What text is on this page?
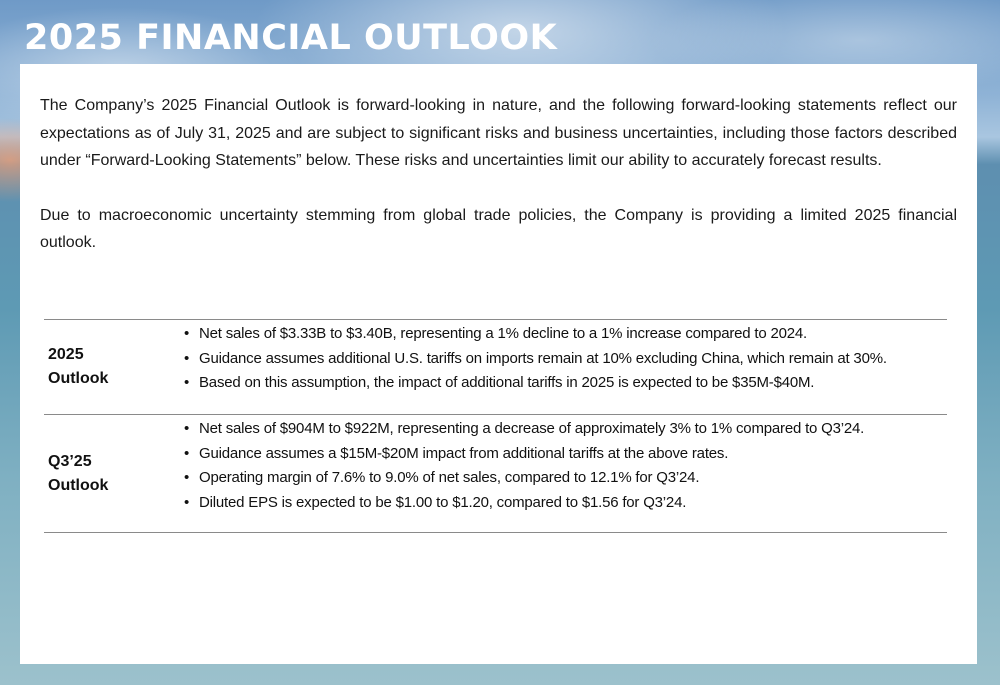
2025 FINANCIAL OUTLOOK

The Company’s 2025 Financial Outlook is forward-looking in nature, and the following forward-looking statements reflect our expectations as of July 31, 2025 and are subject to significant risks and business uncertainties, including those factors described under “Forward-Looking Statements” below. These risks and uncertainties limit our ability to accurately forecast results.

Due to macroeconomic uncertainty stemming from global trade policies, the Company is providing a limited 2025 financial outlook.

2025
Outlook
• Net sales of $3.33B to $3.40B, representing a 1% decline to a 1% increase compared to 2024.
• Guidance assumes additional U.S. tariffs on imports remain at 10% excluding China, which remain at 30%.
• Based on this assumption, the impact of additional tariffs in 2025 is expected to be $35M-$40M.
Q3’25
Outlook
• Net sales of $904M to $922M, representing a decrease of approximately 3% to 1% compared to Q3’24.
• Guidance assumes a $15M-$20M impact from additional tariffs at the above rates.
• Operating margin of 7.6% to 9.0% of net sales, compared to 12.1% for Q3’24.
• Diluted EPS is expected to be $1.00 to $1.20, compared to $1.56 for Q3’24.
